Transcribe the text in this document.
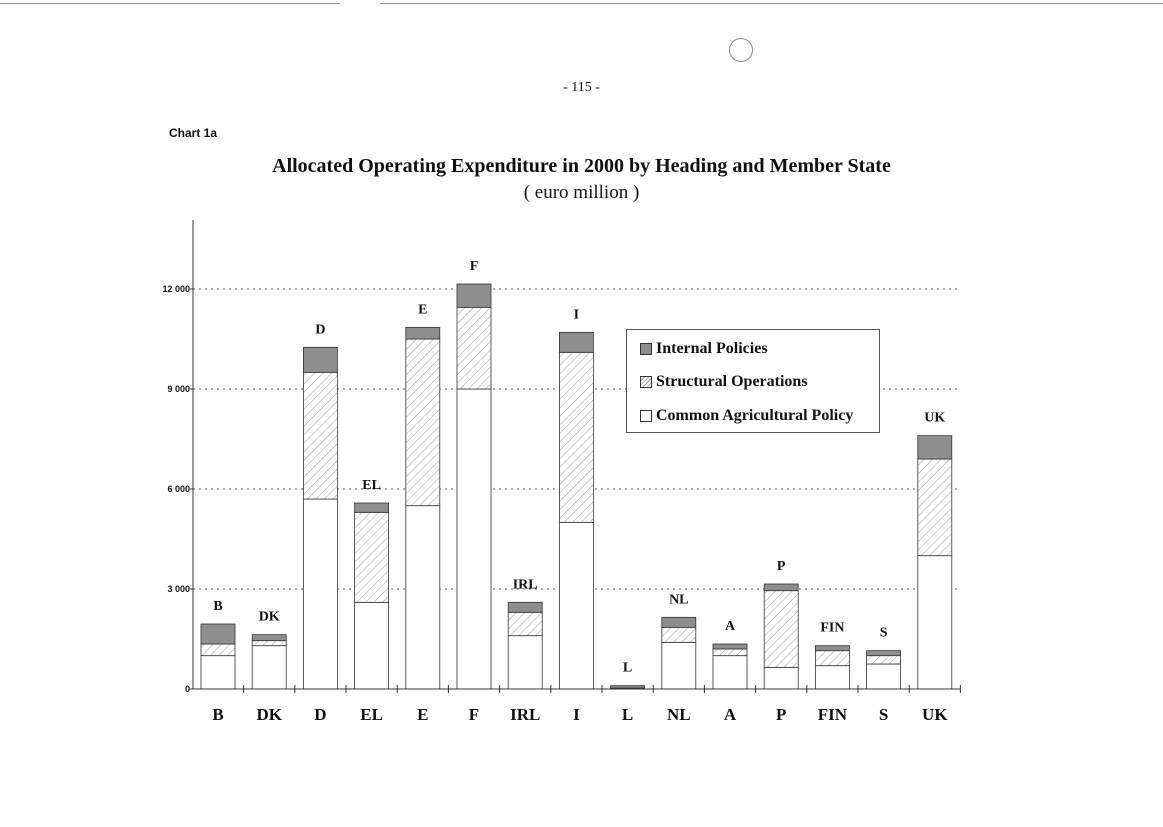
- 115 -
Chart 1a
Allocated Operating Expenditure in 2000 by Heading and Member State
( euro million )
B
DK
D
EL
E
F
IRL
I
L
NL
A
P
FIN	S
UK
0
3 000
6 000
9 000
12 000
B DK D EL E F IRL I L NL A P FIN S UK
Internal Policies
Structural Operations
Common Agricultural Policy
